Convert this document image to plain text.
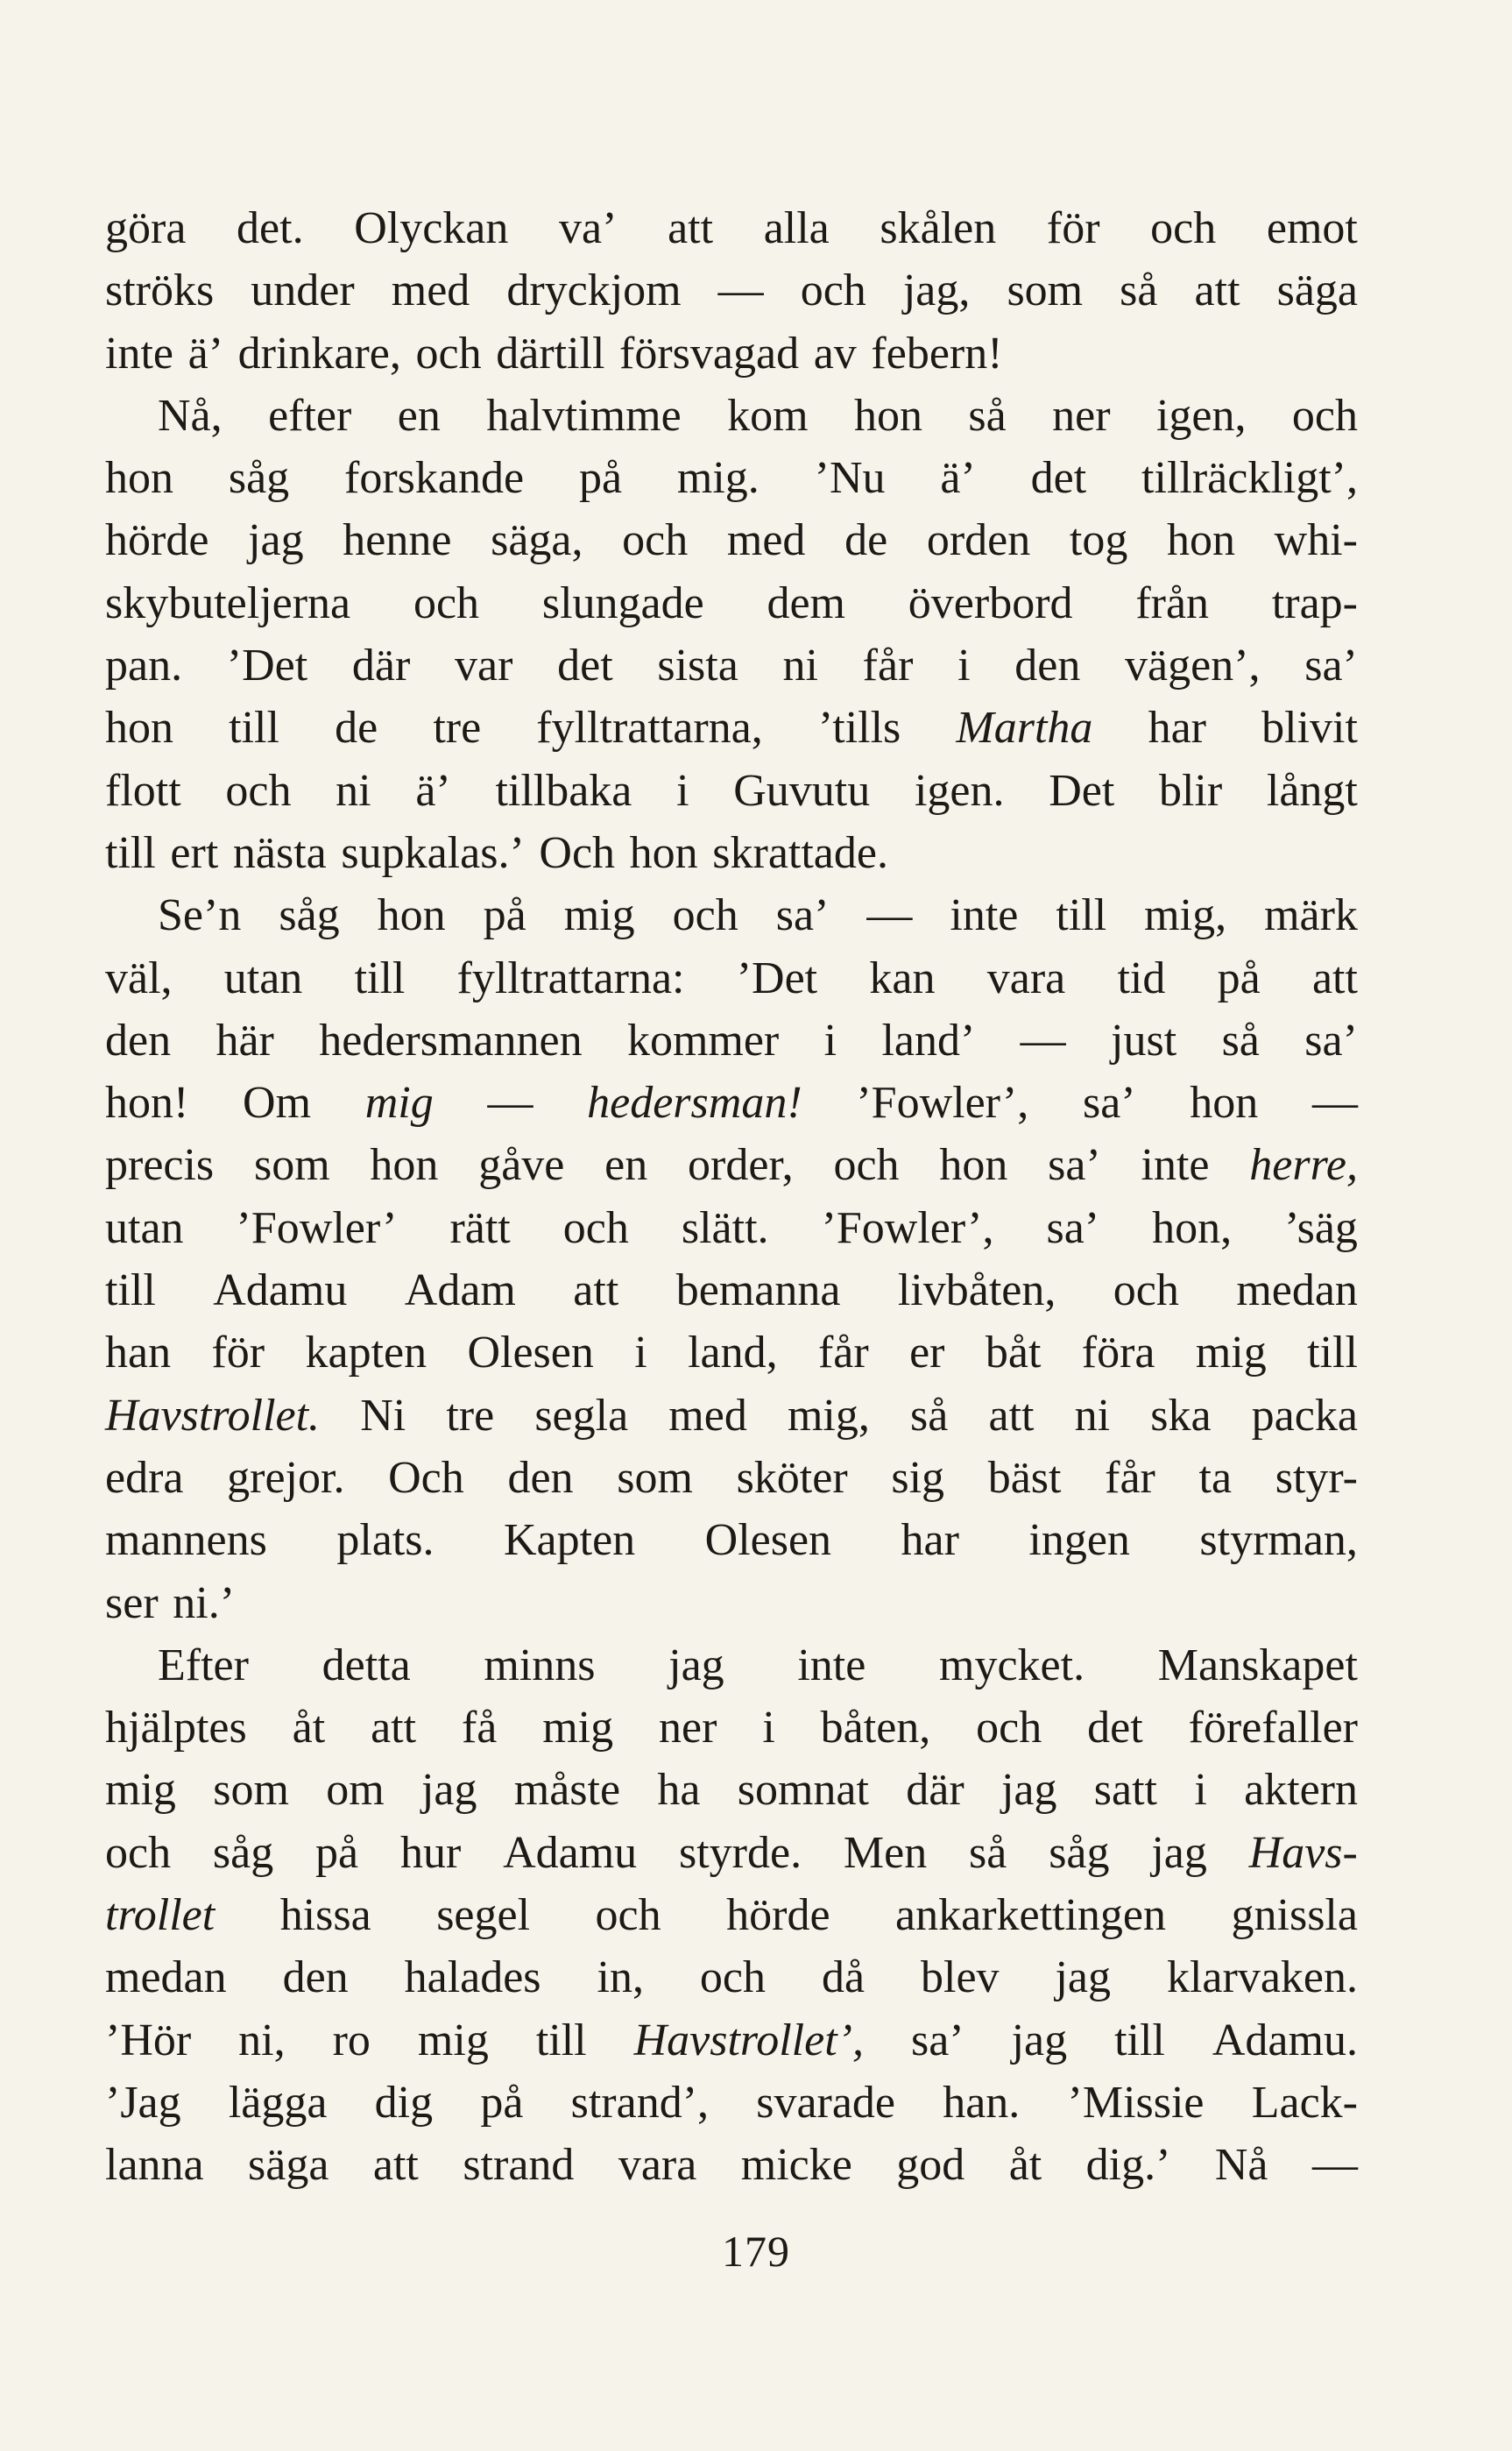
göra det. Olyckan va’ att alla skålen för och emot
ströks under med dryckjom — och jag, som så att säga
inte ä’ drinkare, och därtill försvagad av febern!
Nå, efter en halvtimme kom hon så ner igen, och
hon såg forskande på mig. ’Nu ä’ det tillräckligt’,
hörde jag henne säga, och med de orden tog hon whi-
skybuteljerna och slungade dem överbord från trap-
pan. ’Det där var det sista ni får i den vägen’, sa’
hon till de tre fylltrattarna, ’tills Martha har blivit
flott och ni ä’ tillbaka i Guvutu igen. Det blir långt
till ert nästa supkalas.’ Och hon skrattade.
Se’n såg hon på mig och sa’ — inte till mig, märk
väl, utan till fylltrattarna: ’Det kan vara tid på att
den här hedersmannen kommer i land’ — just så sa’
hon! Om mig — hedersman! ’Fowler’, sa’ hon —
precis som hon gåve en order, och hon sa’ inte herre,
utan ’Fowler’ rätt och slätt. ’Fowler’, sa’ hon, ’säg
till Adamu Adam att bemanna livbåten, och medan
han för kapten Olesen i land, får er båt föra mig till
Havstrollet. Ni tre segla med mig, så att ni ska packa
edra grejor. Och den som sköter sig bäst får ta styr-
mannens plats. Kapten Olesen har ingen styrman,
ser ni.’
Efter detta minns jag inte mycket. Manskapet
hjälptes åt att få mig ner i båten, och det förefaller
mig som om jag måste ha somnat där jag satt i aktern
och såg på hur Adamu styrde. Men så såg jag Havs-
trollet hissa segel och hörde ankarkettingen gnissla
medan den halades in, och då blev jag klarvaken.
’Hör ni, ro mig till Havstrollet’, sa’ jag till Adamu.
’Jag lägga dig på strand’, svarade han. ’Missie Lack-
lanna säga att strand vara micke god åt dig.’ Nå —
179
